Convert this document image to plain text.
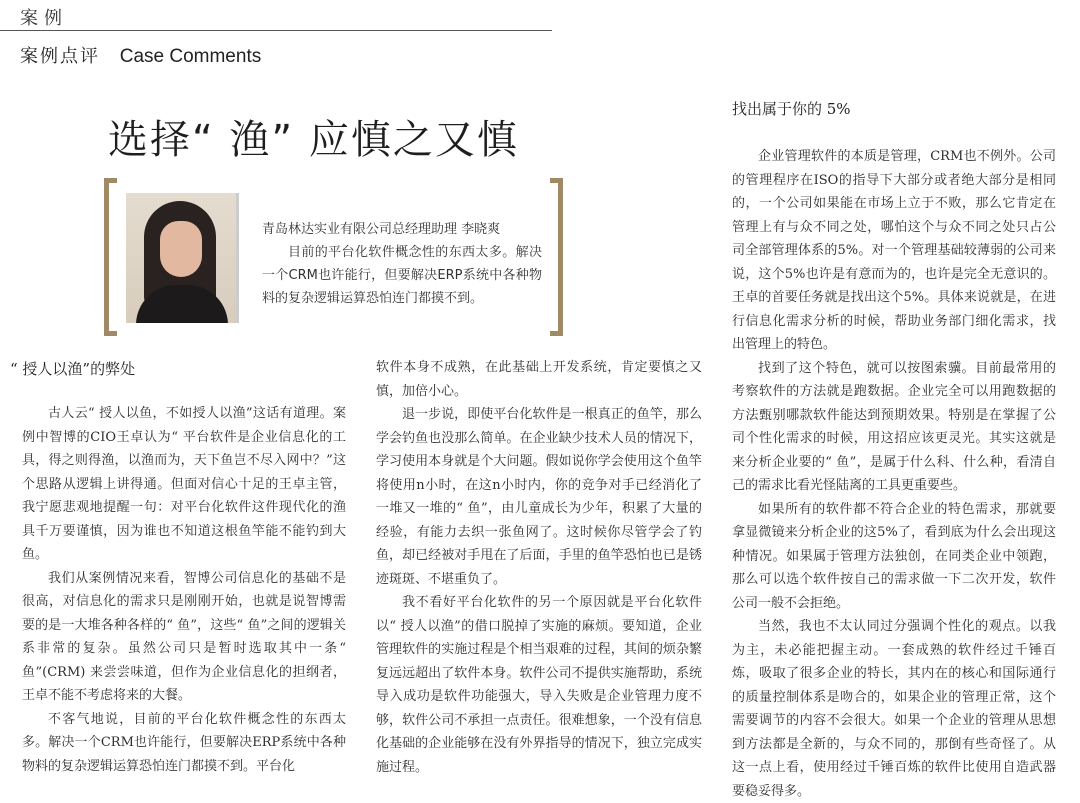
案例
案例点评 Case Comments
选择“ 渔” 应慎之又慎

青岛林达实业有限公司总经理助理 李晓爽

目前的平台化软件概念性的东西太多。解决一个CRM也许能行，但要解决ERP系统中各种物料的复杂逻辑运算恐怕连门都摸不到。

“ 授人以渔”的弊处
找出属于你的 5%

古人云“ 授人以鱼，不如授人以渔”这话有道理。案例中智博的CIO王卓认为“ 平台软件是企业信息化的工具，得之则得渔，以渔而为，天下鱼岂不尽入网中？”这个思路从逻辑上讲得通。但面对信心十足的王卓主管，我宁愿悲观地提醒一句：对平台化软件这件现代化的渔具千万要谨慎，因为谁也不知道这根鱼竿能不能钓到大鱼。

我们从案例情况来看，智博公司信息化的基础不是很高，对信息化的需求只是刚刚开始，也就是说智博需要的是一大堆各种各样的“ 鱼”，这些“ 鱼”之间的逻辑关系非常的复杂。虽然公司只是暂时选取其中一条“ 鱼”(CRM) 来尝尝味道，但作为企业信息化的担纲者，王卓不能不考虑将来的大餐。

不客气地说，目前的平台化软件概念性的东西太多。解决一个CRM也许能行，但要解决ERP系统中各种物料的复杂逻辑运算恐怕连门都摸不到。平台化

软件本身不成熟，在此基础上开发系统，肯定要慎之又慎，加倍小心。

退一步说，即使平台化软件是一根真正的鱼竿，那么学会钓鱼也没那么简单。在企业缺少技术人员的情况下，学习使用本身就是个大问题。假如说你学会使用这个鱼竿将使用n小时，在这n小时内，你的竞争对手已经消化了一堆又一堆的“ 鱼”，由儿童成长为少年，积累了大量的经验，有能力去织一张鱼网了。这时候你尽管学会了钓鱼，却已经被对手甩在了后面，手里的鱼竿恐怕也已是锈迹斑斑、不堪重负了。

我不看好平台化软件的另一个原因就是平台化软件以“ 授人以渔”的借口脱掉了实施的麻烦。要知道，企业管理软件的实施过程是个相当艰难的过程，其间的烦杂繁复远远超出了软件本身。软件公司不提供实施帮助，系统导入成功是软件功能强大，导入失败是企业管理力度不够，软件公司不承担一点责任。很难想象，一个没有信息化基础的企业能够在没有外界指导的情况下，独立完成实施过程。

企业管理软件的本质是管理，CRM也不例外。公司的管理程序在ISO的指导下大部分或者绝大部分是相同的，一个公司如果能在市场上立于不败，那么它肯定在管理上有与众不同之处，哪怕这个与众不同之处只占公司全部管理体系的5%。对一个管理基础较薄弱的公司来说，这个5%也许是有意而为的，也许是完全无意识的。王卓的首要任务就是找出这个5%。具体来说就是，在进行信息化需求分析的时候，帮助业务部门细化需求，找出管理上的特色。

找到了这个特色，就可以按图索骥。目前最常用的考察软件的方法就是跑数据。企业完全可以用跑数据的方法甄别哪款软件能达到预期效果。特别是在掌握了公司个性化需求的时候，用这招应该更灵光。其实这就是来分析企业要的“ 鱼”，是属于什么科、什么种，看清自己的需求比看光怪陆离的工具更重要些。

如果所有的软件都不符合企业的特色需求，那就要拿显微镜来分析企业的这5%了，看到底为什么会出现这种情况。如果属于管理方法独创，在同类企业中领跑，那么可以选个软件按自己的需求做一下二次开发，软件公司一般不会拒绝。

当然，我也不太认同过分强调个性化的观点。以我为主，未必能把握主动。一套成熟的软件经过千锤百炼，吸取了很多企业的特长，其内在的核心和国际通行的质量控制体系是吻合的，如果企业的管理正常，这个需要调节的内容不会很大。如果一个企业的管理从思想到方法都是全新的，与众不同的，那倒有些奇怪了。从这一点上看，使用经过千锤百炼的软件比使用自造武器要稳妥得多。
